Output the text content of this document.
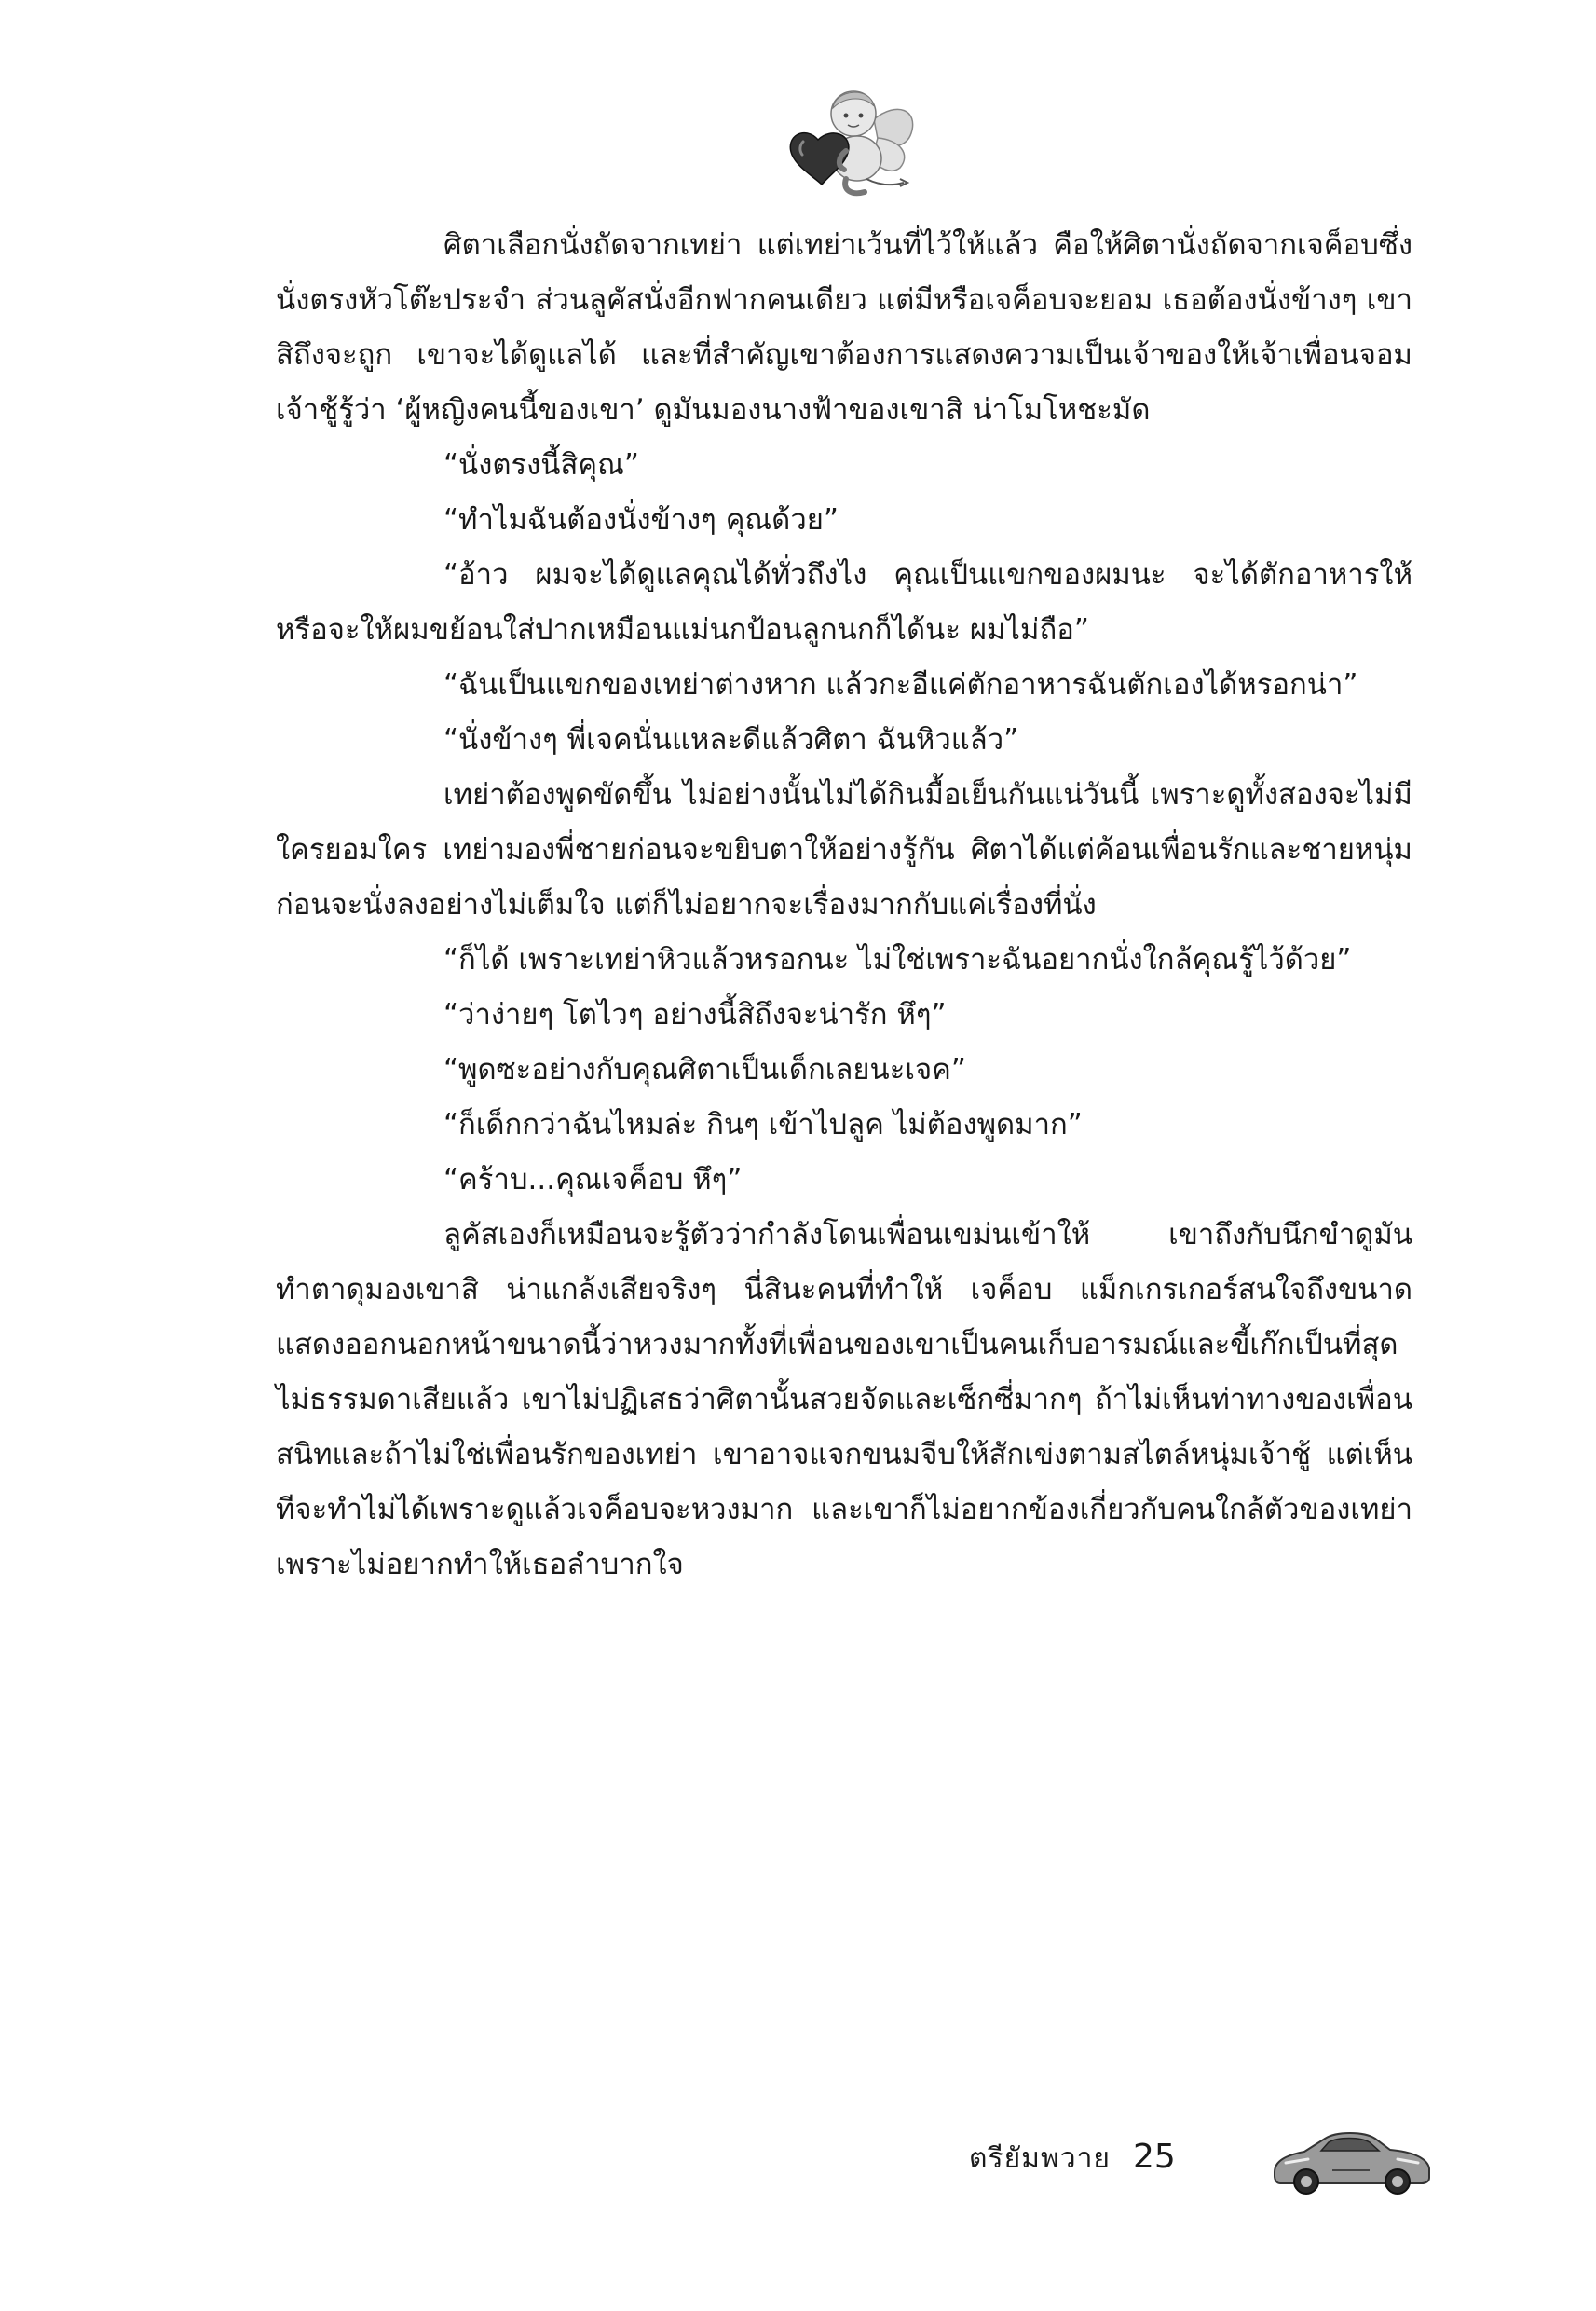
ศิตาเลือกนั่งถัดจากเทย่า แต่เทย่าเว้นที่ไว้ให้แล้ว คือให้ศิตานั่งถัดจากเจค็อบซึ่งนั่งตรงหัวโต๊ะประจำ ส่วนลูคัสนั่งอีกฟากคนเดียว แต่มีหรือเจค็อบจะยอม เธอต้องนั่งข้างๆ เขาสิถึงจะถูก เขาจะได้ดูแลได้ และที่สำคัญเขาต้องการแสดงความเป็นเจ้าของให้เจ้าเพื่อนจอมเจ้าชู้รู้ว่า ‘ผู้หญิงคนนี้ของเขา’ ดูมันมองนางฟ้าของเขาสิ น่าโมโหชะมัด

“นั่งตรงนี้สิคุณ”

“ทำไมฉันต้องนั่งข้างๆ คุณด้วย”

“อ้าว ผมจะได้ดูแลคุณได้ทั่วถึงไง คุณเป็นแขกของผมนะ จะได้ตักอาหารให้ หรือจะให้ผมขย้อนใส่ปากเหมือนแม่นกป้อนลูกนกก็ได้นะ ผมไม่ถือ”

“ฉันเป็นแขกของเทย่าต่างหาก แล้วกะอีแค่ตักอาหารฉันตักเองได้หรอกน่า”

“นั่งข้างๆ พี่เจคนั่นแหละดีแล้วศิตา ฉันหิวแล้ว”

เทย่าต้องพูดขัดขึ้น ไม่อย่างนั้นไม่ได้กินมื้อเย็นกันแน่วันนี้ เพราะดูทั้งสองจะไม่มีใครยอมใคร เทย่ามองพี่ชายก่อนจะขยิบตาให้อย่างรู้กัน ศิตาได้แต่ค้อนเพื่อนรักและชายหนุ่มก่อนจะนั่งลงอย่างไม่เต็มใจ แต่ก็ไม่อยากจะเรื่องมากกับแค่เรื่องที่นั่ง

“ก็ได้ เพราะเทย่าหิวแล้วหรอกนะ ไม่ใช่เพราะฉันอยากนั่งใกล้คุณรู้ไว้ด้วย”

“ว่าง่ายๆ โตไวๆ อย่างนี้สิถึงจะน่ารัก หึๆ”

“พูดซะอย่างกับคุณศิตาเป็นเด็กเลยนะเจค”

“ก็เด็กกว่าฉันไหมล่ะ กินๆ เข้าไปลูค ไม่ต้องพูดมาก”

“คร้าบ...คุณเจค็อบ หึๆ”

ลูคัสเองก็เหมือนจะรู้ตัวว่ากำลังโดนเพื่อนเขม่นเข้าให้ เขาถึงกับนึกขำดูมันทำตาดุมองเขาสิ น่าแกล้งเสียจริงๆ นี่สินะคนที่ทำให้ เจค็อบ แม็กเกรเกอร์สนใจถึงขนาดแสดงออกนอกหน้าขนาดนี้ว่าหวงมากทั้งที่เพื่อนของเขาเป็นคนเก็บอารมณ์และขี้เก๊กเป็นที่สุด ไม่ธรรมดาเสียแล้ว เขาไม่ปฏิเสธว่าศิตานั้นสวยจัดและเซ็กซี่มากๆ ถ้าไม่เห็นท่าทางของเพื่อนสนิทและถ้าไม่ใช่เพื่อนรักของเทย่า เขาอาจแจกขนมจีบให้สักเข่งตามสไตล์หนุ่มเจ้าชู้ แต่เห็นทีจะทำไม่ได้เพราะดูแล้วเจค็อบจะหวงมาก และเขาก็ไม่อยากข้องเกี่ยวกับคนใกล้ตัวของเทย่าเพราะไม่อยากทำให้เธอลำบากใจ

ตรียัมพวาย 25
